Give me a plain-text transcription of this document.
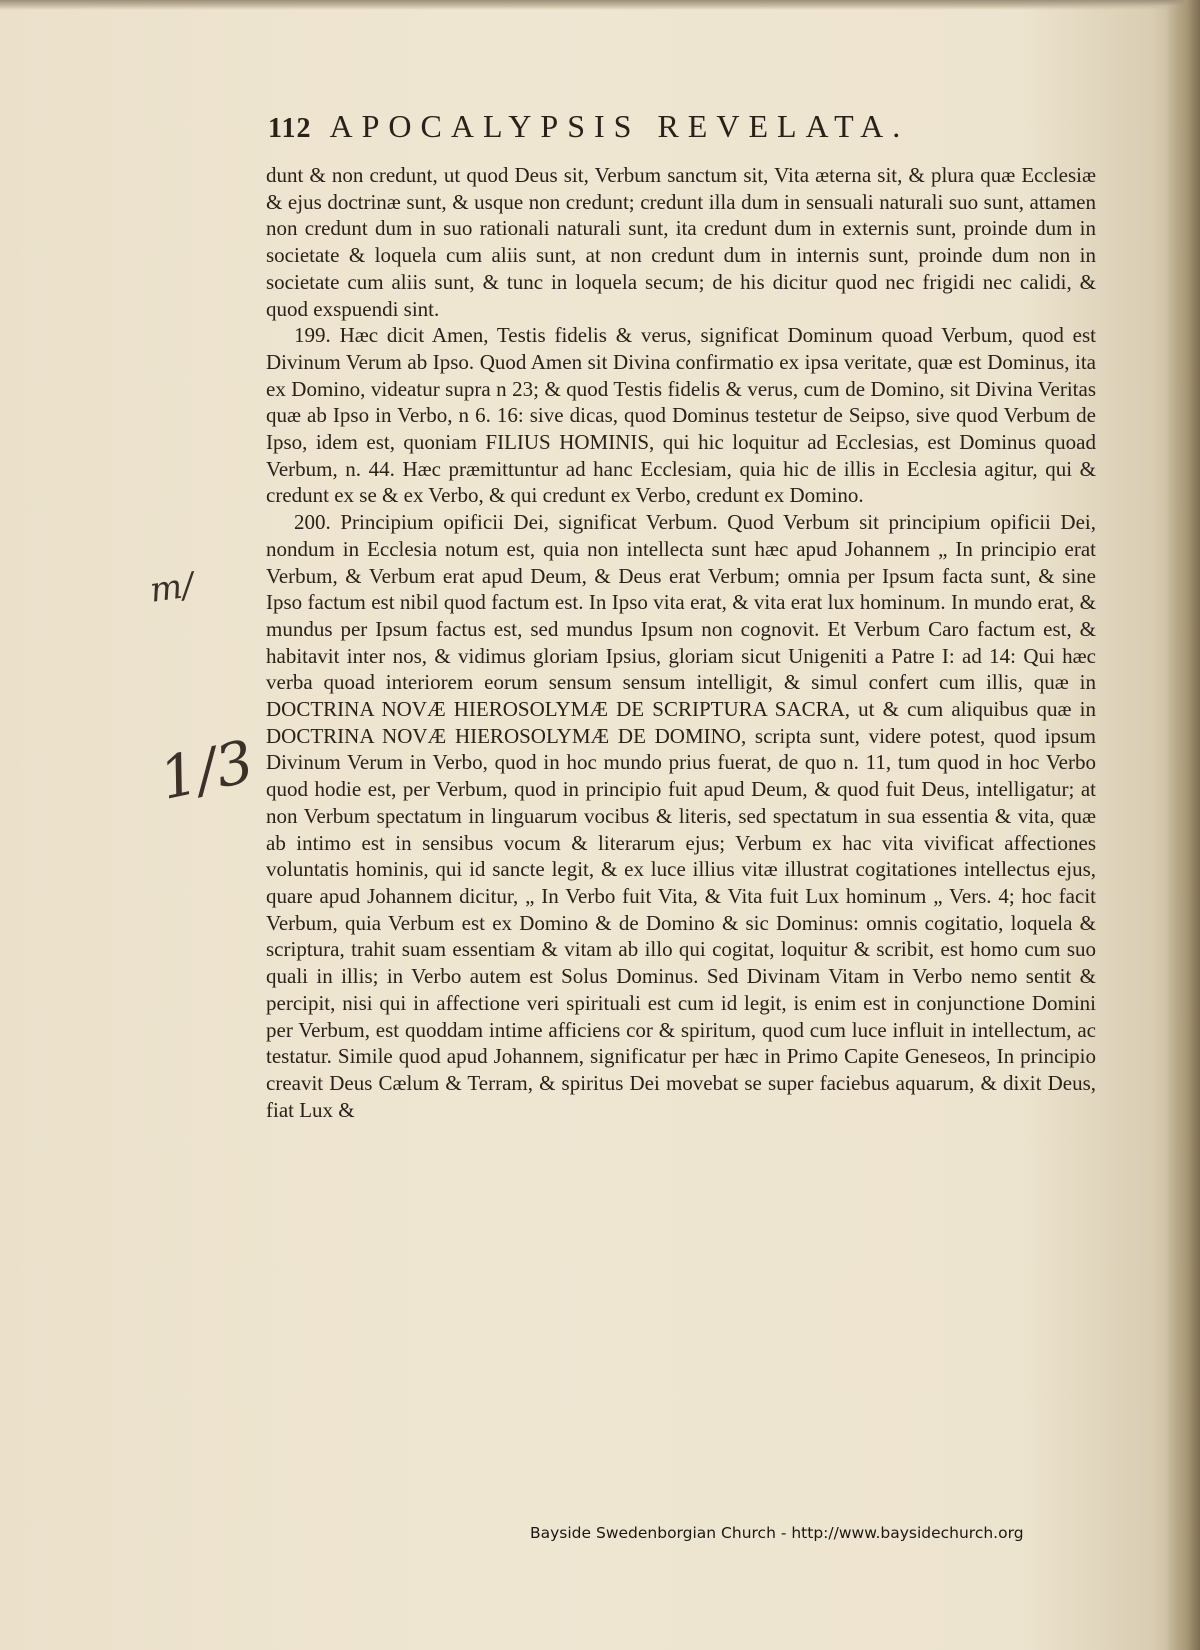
112 APOCALYPSIS REVELATA.

dunt & non credunt, ut quod Deus sit, Verbum sanctum sit, Vita æterna sit, & plura quæ Ecclesiæ & ejus doctrinæ sunt, & usque non credunt; credunt illa dum in sensuali naturali suo sunt, attamen non credunt dum in suo rationali naturali sunt, ita credunt dum in externis sunt, proinde dum in societate & loquela cum aliis sunt, at non credunt dum in internis sunt, proinde dum non in societate cum aliis sunt, & tunc in loquela secum; de his dicitur quod nec frigidi nec calidi, & quod exspuendi sint.

199. Hæc dicit Amen, Testis fidelis & verus, significat Dominum quoad Verbum, quod est Divinum Verum ab Ipso. Quod Amen sit Divina confirmatio ex ipsa veritate, quæ est Dominus, ita ex Domino, videatur supra n 23; & quod Testis fidelis & verus, cum de Domino, sit Divina Veritas quæ ab Ipso in Verbo, n 6. 16: sive dicas, quod Dominus testetur de Seipso, sive quod Verbum de Ipso, idem est, quoniam FILIUS HOMINIS, qui hic loquitur ad Ecclesias, est Dominus quoad Verbum, n. 44. Hæc præmittuntur ad hanc Ecclesiam, quia hic de illis in Ecclesia agitur, qui & credunt ex se & ex Verbo, & qui credunt ex Verbo, credunt ex Domino.

200. Principium opificii Dei, significat Verbum. Quod Verbum sit principium opificii Dei, nondum in Ecclesia notum est, quia non intellecta sunt hæc apud Johannem „ In principio erat Verbum, & Verbum erat apud Deum, & Deus erat Verbum; omnia per Ipsum facta sunt, & sine Ipso factum est nibil quod factum est. In Ipso vita erat, & vita erat lux hominum. In mundo erat, & mundus per Ipsum factus est, sed mundus Ipsum non cognovit. Et Verbum Caro factum est, & habitavit inter nos, & vidimus gloriam Ipsius, gloriam sicut Unigeniti a Patre I: ad 14: Qui hæc verba quoad interiorem eorum sensum sensum intelligit, & simul confert cum illis, quæ in DOCTRINA NOVÆ HIEROSOLYMÆ DE SCRIPTURA SACRA, ut & cum aliquibus quæ in DOCTRINA NOVÆ HIEROSOLYMÆ DE DOMINO, scripta sunt, videre potest, quod ipsum Divinum Verum in Verbo, quod in hoc mundo prius fuerat, de quo n. 11, tum quod in hoc Verbo quod hodie est, per Verbum, quod in principio fuit apud Deum, & quod fuit Deus, intelligatur; at non Verbum spectatum in linguarum vocibus & literis, sed spectatum in sua essentia & vita, quæ ab intimo est in sensibus vocum & literarum ejus; Verbum ex hac vita vivificat affectiones voluntatis hominis, qui id sancte legit, & ex luce illius vitæ illustrat cogitationes intellectus ejus, quare apud Johannem dicitur, „ In Verbo fuit Vita, & Vita fuit Lux hominum „ Vers. 4; hoc facit Verbum, quia Verbum est ex Domino & de Domino & sic Dominus: omnis cogitatio, loquela & scriptura, trahit suam essentiam & vitam ab illo qui cogitat, loquitur & scribit, est homo cum suo quali in illis; in Verbo autem est Solus Dominus. Sed Divinam Vitam in Verbo nemo sentit & percipit, nisi qui in affectione veri spirituali est cum id legit, is enim est in conjunctione Domini per Verbum, est quoddam intime afficiens cor & spiritum, quod cum luce influit in intellectum, ac testatur. Simile quod apud Johannem, significatur per hæc in Primo Capite Geneseos, In principio creavit Deus Cælum & Terram, & spiritus Dei movebat se super faciebus aquarum, & dixit Deus, fiat Lux &

m/
1/3
Bayside Swedenborgian Church - http://www.baysidechurch.org
